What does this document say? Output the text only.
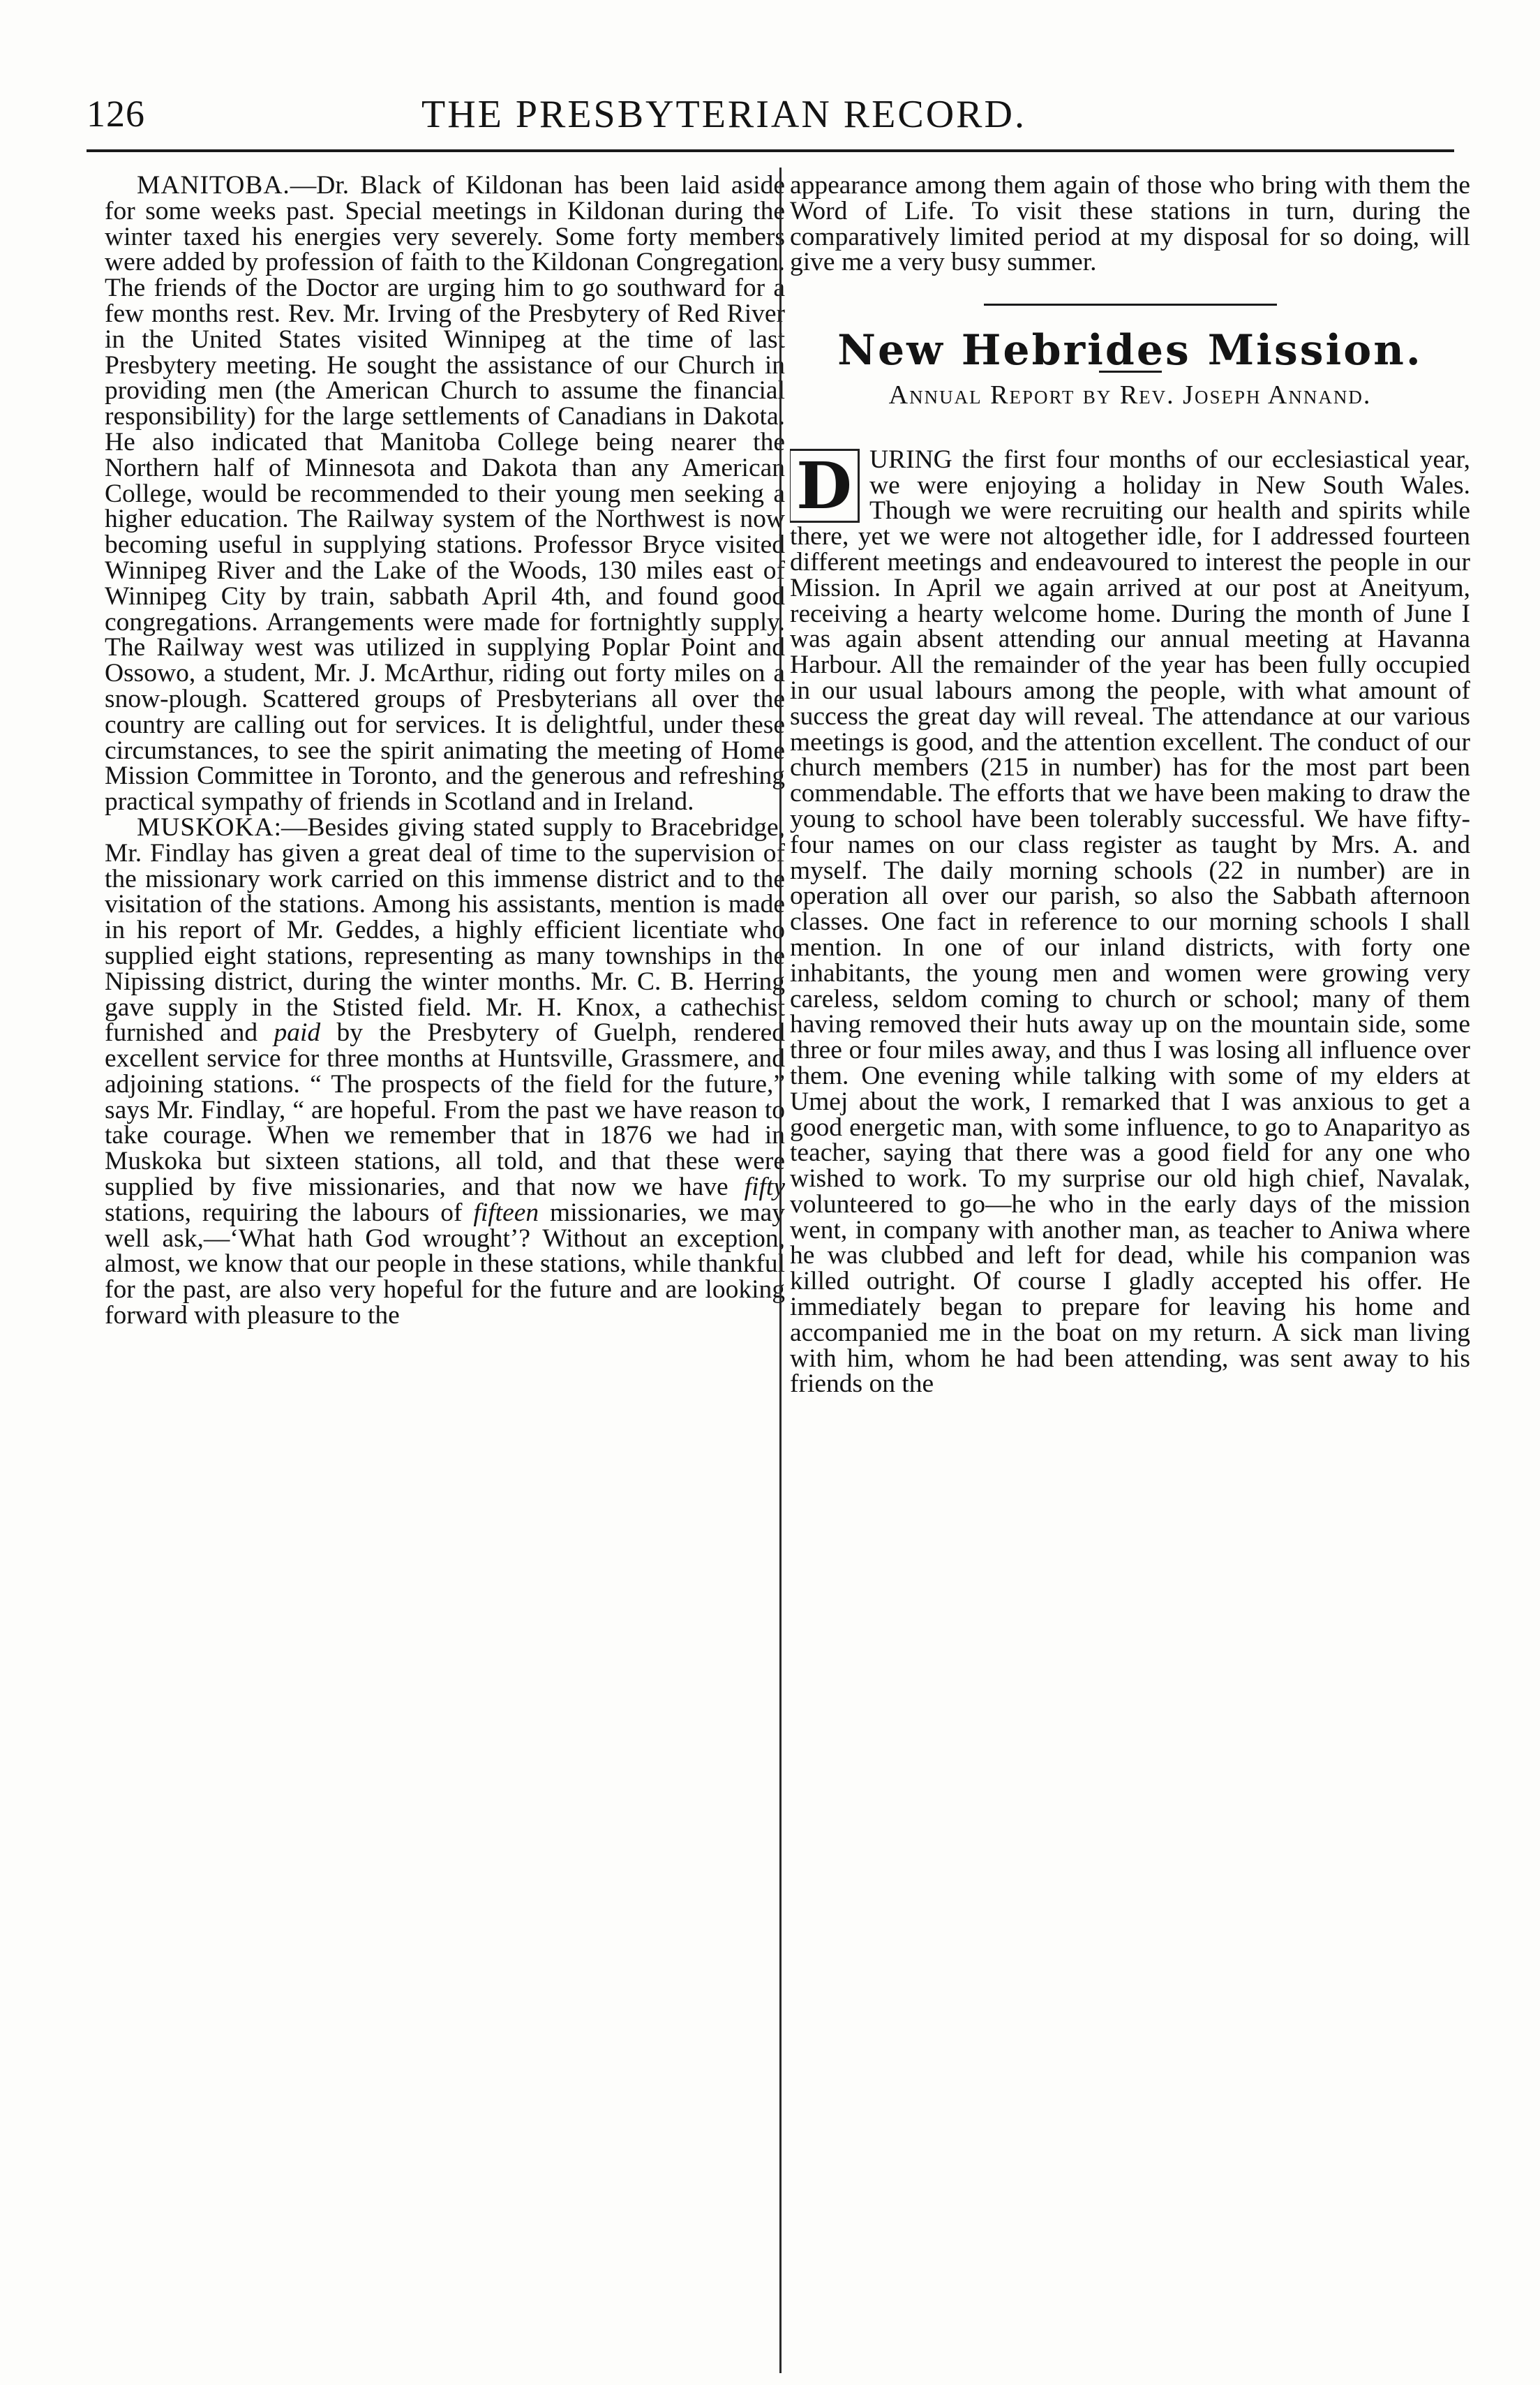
126	THE PRESBYTERIAN RECORD.

MANITOBA.—Dr. Black of Kildonan has been laid aside for some weeks past. Special meetings in Kildonan during the winter taxed his energies very severely. Some forty members were added by profession of faith to the Kildonan Congregation. The friends of the Doctor are urging him to go southward for a few months rest. Rev. Mr. Irving of the Presbytery of Red River in the United States visited Winnipeg at the time of last Presbytery meeting. He sought the assistance of our Church in providing men (the American Church to assume the financial responsibility) for the large settlements of Canadians in Dakota. He also indicated that Manitoba College being nearer the Northern half of Minnesota and Dakota than any American College, would be recommended to their young men seeking a higher education. The Railway system of the Northwest is now becoming useful in supplying stations. Professor Bryce visited Winnipeg River and the Lake of the Woods, 130 miles east of Winnipeg City by train, sabbath April 4th, and found good congregations. Arrangements were made for fortnightly supply. The Railway west was utilized in supplying Poplar Point and Ossowo, a student, Mr. J. McArthur, riding out forty miles on a snow-plough. Scattered groups of Presbyterians all over the country are calling out for services. It is delightful, under these circumstances, to see the spirit animating the meeting of Home Mission Committee in Toronto, and the generous and refreshing practical sympathy of friends in Scotland and in Ireland.

MUSKOKA:—Besides giving stated supply to Bracebridge, Mr. Findlay has given a great deal of time to the supervision of the missionary work carried on this immense district and to the visitation of the stations. Among his assistants, mention is made in his report of Mr. Geddes, a highly efficient licentiate who supplied eight stations, representing as many townships in the Nipissing district, during the winter months. Mr. C. B. Herring gave supply in the Stisted field. Mr. H. Knox, a cathechist furnished and paid by the Presbytery of Guelph, rendered excellent service for three months at Huntsville, Grassmere, and adjoining stations. “ The prospects of the field for the future,” says Mr. Findlay, “ are hopeful. From the past we have reason to take courage. When we remember that in 1876 we had in Muskoka but sixteen stations, all told, and that these were supplied by five missionaries, and that now we have fifty stations, requiring the labours of fifteen missionaries, we may well ask,—‘What hath God wrought’? Without an exception, almost, we know that our people in these stations, while thankful for the past, are also very hopeful for the future and are looking forward with pleasure to the

appearance among them again of those who bring with them the Word of Life. To visit these stations in turn, during the comparatively limited period at my disposal for so doing, will give me a very busy summer.

New Hebrides Mission.
Annual Report by Rev. Joseph Annand.

D URING the first four months of our ecclesiastical year, we were enjoying a holiday in New South Wales. Though we were recruiting our health and spirits while there, yet we were not altogether idle, for I addressed fourteen different meetings and endeavoured to interest the people in our Mission. In April we again arrived at our post at Aneityum, receiving a hearty welcome home. During the month of June I was again absent attending our annual meeting at Havanna Harbour. All the remainder of the year has been fully occupied in our usual labours among the people, with what amount of success the great day will reveal. The attendance at our various meetings is good, and the attention excellent. The conduct of our church members (215 in number) has for the most part been commendable. The efforts that we have been making to draw the young to school have been tolerably successful. We have fifty-four names on our class register as taught by Mrs. A. and myself. The daily morning schools (22 in number) are in operation all over our parish, so also the Sabbath afternoon classes. One fact in reference to our morning schools I shall mention. In one of our inland districts, with forty one inhabitants, the young men and women were growing very careless, seldom coming to church or school; many of them having removed their huts away up on the mountain side, some three or four miles away, and thus I was losing all influence over them. One evening while talking with some of my elders at Umej about the work, I remarked that I was anxious to get a good energetic man, with some influence, to go to Anaparityo as teacher, saying that there was a good field for any one who wished to work. To my surprise our old high chief, Navalak, volunteered to go—he who in the early days of the mission went, in company with another man, as teacher to Aniwa where he was clubbed and left for dead, while his companion was killed outright. Of course I gladly accepted his offer. He immediately began to prepare for leaving his home and accompanied me in the boat on my return. A sick man living with him, whom he had been attending, was sent away to his friends on the
